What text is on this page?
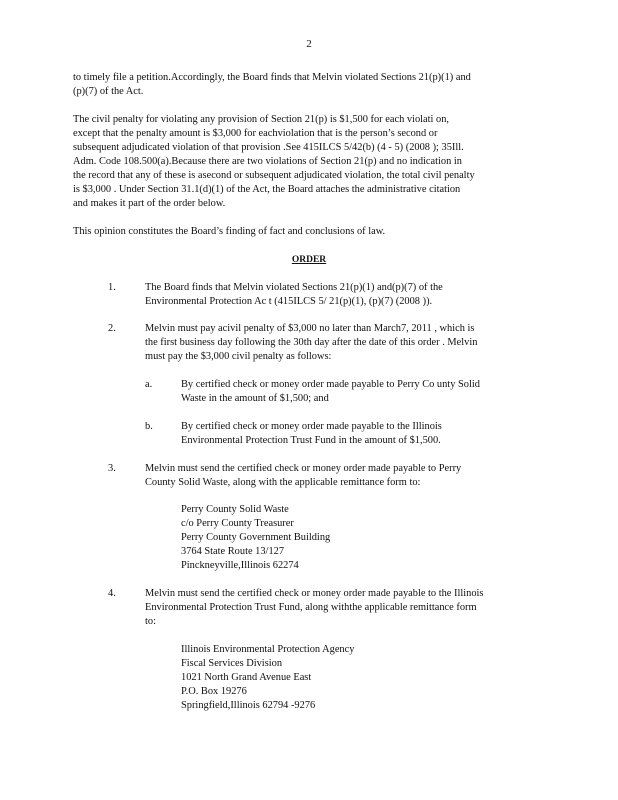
2

to timely file a petition.Accordingly, the Board finds that Melvin violated Sections 21(p)(1) and
(p)(7) of the Act.

The civil penalty for violating any provision of Section 21(p) is $1,500 for each violati on,
except that the penalty amount is $3,000 for eachviolation that is the person’s second or
subsequent adjudicated violation of that provision .See 415ILCS 5/42(b) (4 - 5) (2008 ); 35Ill.
Adm. Code 108.500(a).Because there are two violations of Section 21(p) and no indication in
the record that any of these is asecond or subsequent adjudicated violation, the total civil penalty
is $3,000 . Under Section 31.1(d)(1) of the Act, the Board attaches the administrative citation
and makes it part of the order below.

This opinion constitutes the Board’s finding of fact and conclusions of law.

ORDER
1.	The Board finds that Melvin violated Sections 21(p)(1) and(p)(7) of the
Environmental Protection Ac t (415ILCS 5/ 21(p)(1), (p)(7) (2008 )).
2.	Melvin must pay acivil penalty of $3,000 no later than March7, 2011 , which is
the first business day following the 30th day after the date of this order . Melvin
must pay the $3,000 civil penalty as follows:
a.	By certified check or money order made payable to Perry Co unty Solid
Waste in the amount of $1,500; and
b.	By certified check or money order made payable to the Illinois
Environmental Protection Trust Fund in the amount of $1,500.
3.	Melvin must send the certified check or money order made payable to Perry
County Solid Waste, along with the applicable remittance form to:
Perry County Solid Waste
c/o Perry County Treasurer
Perry County Government Building
3764 State Route 13/127
Pinckneyville,Illinois 62274
4.	Melvin must send the certified check or money order made payable to the Illinois
Environmental Protection Trust Fund, along withthe applicable remittance form
to:
Illinois Environmental Protection Agency
Fiscal Services Division
1021 North Grand Avenue East
P.O. Box 19276
Springfield,Illinois 62794 -9276
